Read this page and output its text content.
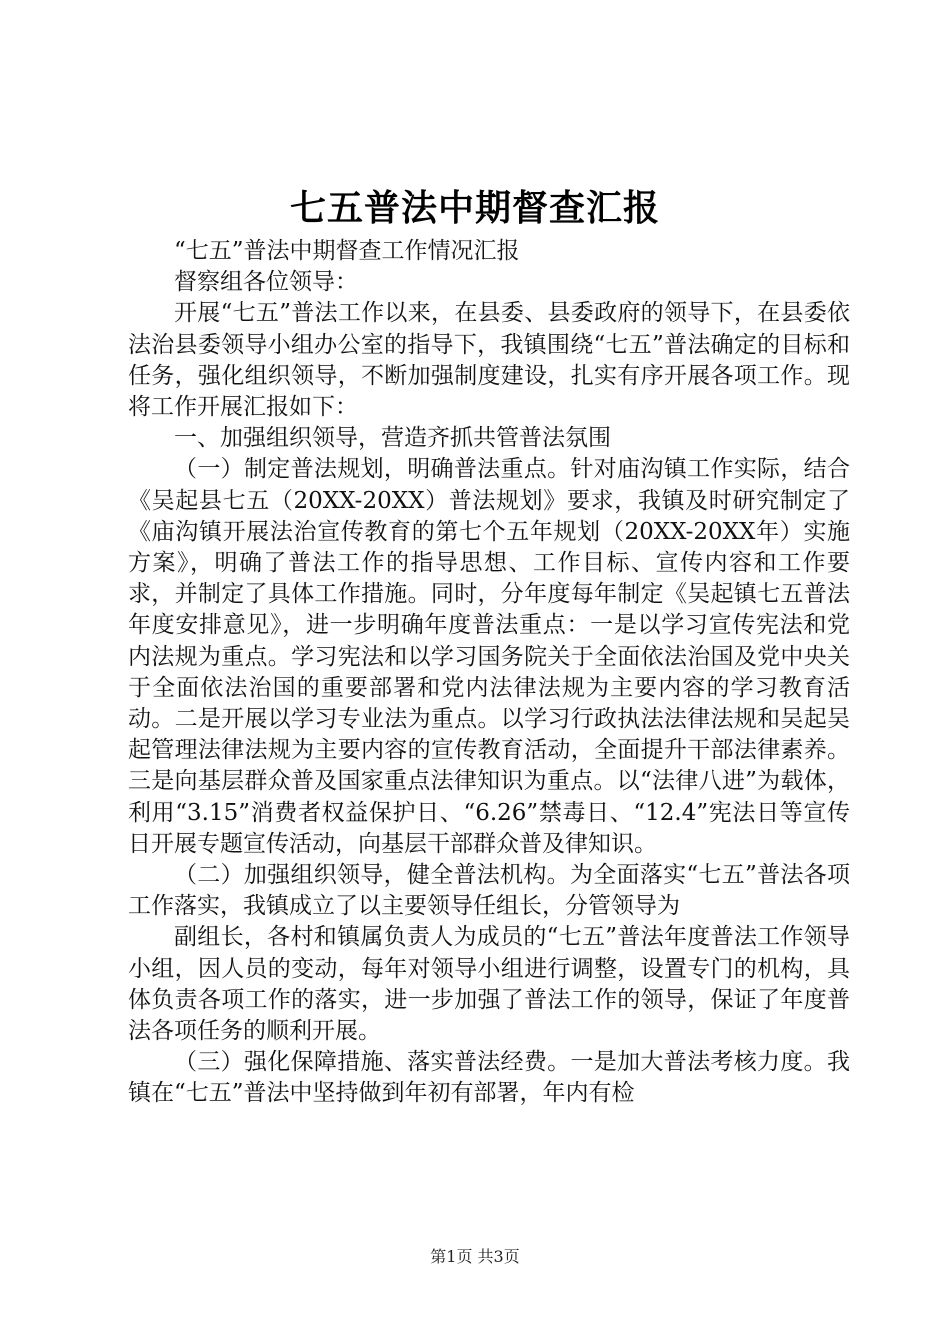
七五普法中期督查汇报

“七五”普法中期督查工作情况汇报

督察组各位领导：

开展“七五”普法工作以来，在县委、县委政府的领导下，在县委依法治县委领导小组办公室的指导下，我镇围绕“七五”普法确定的目标和任务，强化组织领导，不断加强制度建设，扎实有序开展各项工作。现将工作开展汇报如下：

一、加强组织领导，营造齐抓共管普法氛围

（一）制定普法规划，明确普法重点。针对庙沟镇工作实际，结合《吴起县七五（20XX-20XX）普法规划》要求，我镇及时研究制定了《庙沟镇开展法治宣传教育的第七个五年规划（20XX-20XX年）实施方案》，明确了普法工作的指导思想、工作目标、宣传内容和工作要求，并制定了具体工作措施。同时，分年度每年制定《吴起镇七五普法年度安排意见》，进一步明确年度普法重点：一是以学习宣传宪法和党内法规为重点。学习宪法和以学习国务院关于全面依法治国及党中央关于全面依法治国的重要部署和党内法律法规为主要内容的学习教育活动。二是开展以学习专业法为重点。以学习行政执法法律法规和吴起吴起管理法律法规为主要内容的宣传教育活动，全面提升干部法律素养。三是向基层群众普及国家重点法律知识为重点。以“法律八进”为载体，利用“3.15”消费者权益保护日、“6.26”禁毒日、“12.4”宪法日等宣传日开展专题宣传活动，向基层干部群众普及律知识。

（二）加强组织领导，健全普法机构。为全面落实“七五”普法各项工作落实，我镇成立了以主要领导任组长，分管领导为

副组长，各村和镇属负责人为成员的“七五”普法年度普法工作领导小组，因人员的变动，每年对领导小组进行调整，设置专门的机构，具体负责各项工作的落实，进一步加强了普法工作的领导，保证了年度普法各项任务的顺利开展。

（三）强化保障措施、落实普法经费。一是加大普法考核力度。我镇在“七五”普法中坚持做到年初有部署，年内有检

第1页 共3页
